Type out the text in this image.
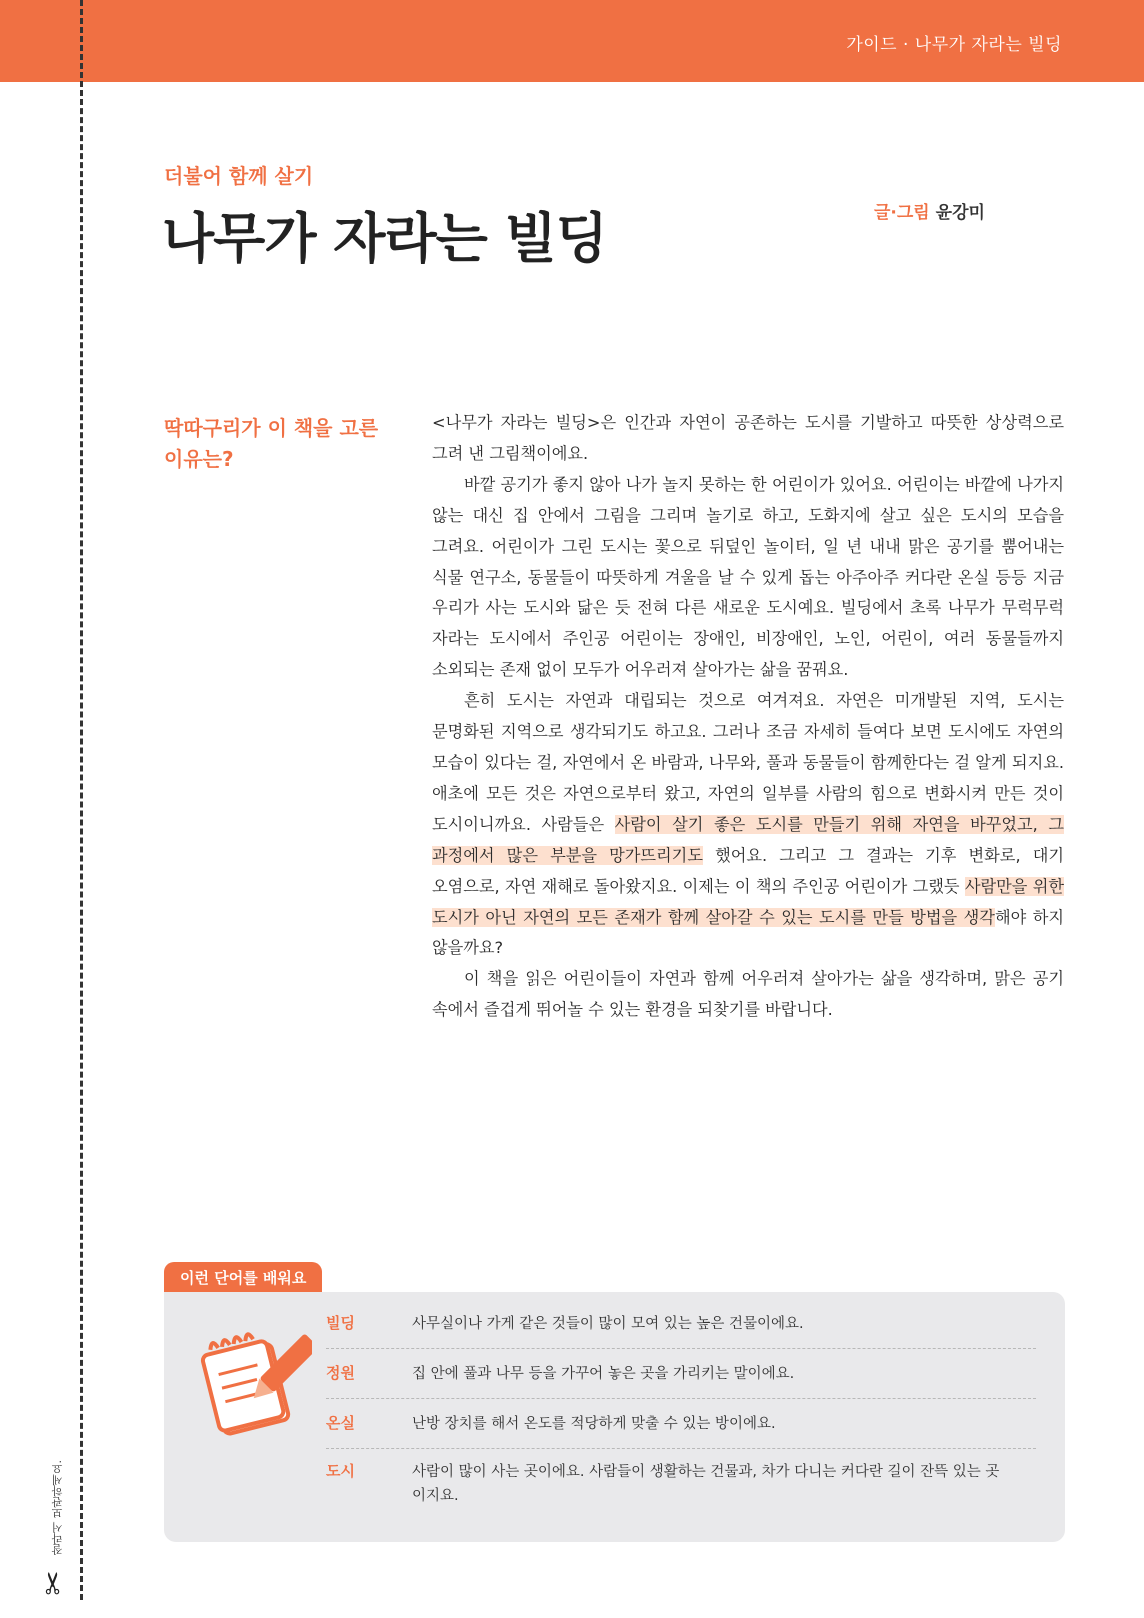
가이드 · 나무가 자라는 빌딩
잘라서 보관하세요.
✂
더불어 함께 살기
나무가 자라는 빌딩	글·그림 윤강미
딱따구리가 이 책을 고른 이유는?

<나무가 자라는 빌딩>은 인간과 자연이 공존하는 도시를 기발하고 따뜻한 상상력으로 그려 낸 그림책이에요.

바깥 공기가 좋지 않아 나가 놀지 못하는 한 어린이가 있어요. 어린이는 바깥에 나가지 않는 대신 집 안에서 그림을 그리며 놀기로 하고, 도화지에 살고 싶은 도시의 모습을 그려요. 어린이가 그린 도시는 꽃으로 뒤덮인 놀이터, 일 년 내내 맑은 공기를 뿜어내는 식물 연구소, 동물들이 따뜻하게 겨울을 날 수 있게 돕는 아주아주 커다란 온실 등등 지금 우리가 사는 도시와 닮은 듯 전혀 다른 새로운 도시예요. 빌딩에서 초록 나무가 무럭무럭 자라는 도시에서 주인공 어린이는 장애인, 비장애인, 노인, 어린이, 여러 동물들까지 소외되는 존재 없이 모두가 어우러져 살아가는 삶을 꿈꿔요.

흔히 도시는 자연과 대립되는 것으로 여겨져요. 자연은 미개발된 지역, 도시는 문명화된 지역으로 생각되기도 하고요. 그러나 조금 자세히 들여다 보면 도시에도 자연의 모습이 있다는 걸, 자연에서 온 바람과, 나무와, 풀과 동물들이 함께한다는 걸 알게 되지요. 애초에 모든 것은 자연으로부터 왔고, 자연의 일부를 사람의 힘으로 변화시켜 만든 것이 도시이니까요. 사람들은 사람이 살기 좋은 도시를 만들기 위해 자연을 바꾸었고, 그 과정에서 많은 부분을 망가뜨리기도 했어요. 그리고 그 결과는 기후 변화로, 대기 오염으로, 자연 재해로 돌아왔지요. 이제는 이 책의 주인공 어린이가 그랬듯 사람만을 위한 도시가 아닌 자연의 모든 존재가 함께 살아갈 수 있는 도시를 만들 방법을 생각해야 하지 않을까요?

이 책을 읽은 어린이들이 자연과 함께 어우러져 살아가는 삶을 생각하며, 맑은 공기 속에서 즐겁게 뛰어놀 수 있는 환경을 되찾기를 바랍니다.

이런 단어를 배워요
빌딩	사무실이나 가게 같은 것들이 많이 모여 있는 높은 건물이에요.
정원	집 안에 풀과 나무 등을 가꾸어 놓은 곳을 가리키는 말이에요.
온실	난방 장치를 해서 온도를 적당하게 맞출 수 있는 방이에요.
도시	사람이 많이 사는 곳이에요. 사람들이 생활하는 건물과, 차가 다니는 커다란 길이 잔뜩 있는 곳이지요.
